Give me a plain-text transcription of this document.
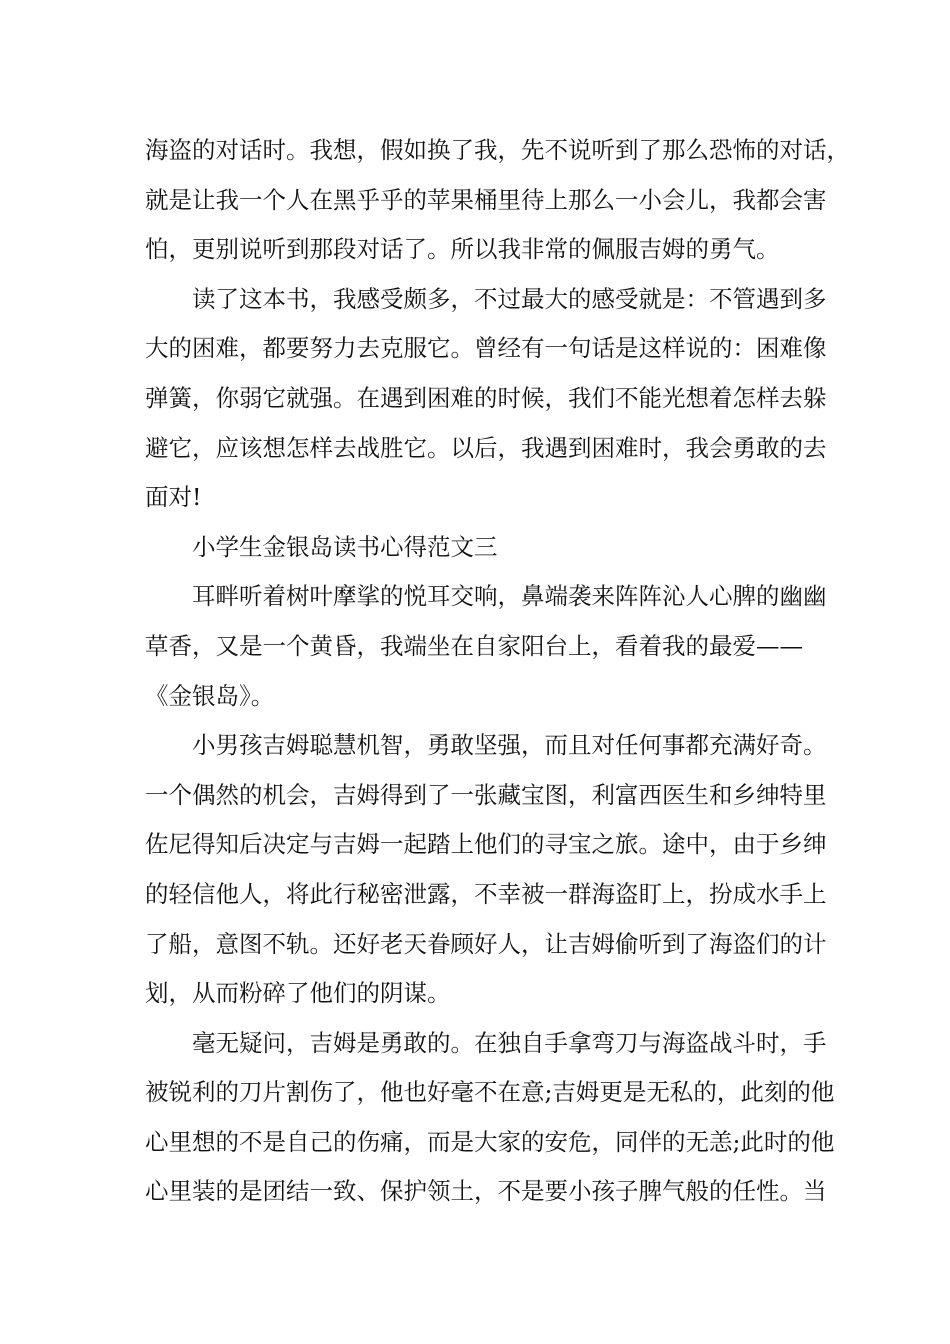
海盗的对话时。我想，假如换了我，先不说听到了那么恐怖的对话，
就是让我一个人在黑乎乎的苹果桶里待上那么一小会儿，我都会害
怕，更别说听到那段对话了。所以我非常的佩服吉姆的勇气。
读了这本书，我感受颇多，不过最大的感受就是：不管遇到多
大的困难，都要努力去克服它。曾经有一句话是这样说的：困难像
弹簧，你弱它就强。在遇到困难的时候，我们不能光想着怎样去躲
避它，应该想怎样去战胜它。以后，我遇到困难时，我会勇敢的去
面对!
小学生金银岛读书心得范文三
耳畔听着树叶摩挲的悦耳交响，鼻端袭来阵阵沁人心脾的幽幽
草香，又是一个黄昏，我端坐在自家阳台上，看着我的最爱——
《金银岛》。
小男孩吉姆聪慧机智，勇敢坚强，而且对任何事都充满好奇。
一个偶然的机会，吉姆得到了一张藏宝图，利富西医生和乡绅特里
佐尼得知后决定与吉姆一起踏上他们的寻宝之旅。途中，由于乡绅
的轻信他人，将此行秘密泄露，不幸被一群海盗盯上，扮成水手上
了船，意图不轨。还好老天眷顾好人，让吉姆偷听到了海盗们的计
划，从而粉碎了他们的阴谋。
毫无疑问，吉姆是勇敢的。在独自手拿弯刀与海盗战斗时，手
被锐利的刀片割伤了，他也好毫不在意;吉姆更是无私的，此刻的他
心里想的不是自己的伤痛，而是大家的安危，同伴的无恙;此时的他
心里装的是团结一致、保护领土，不是要小孩子脾气般的任性。当
